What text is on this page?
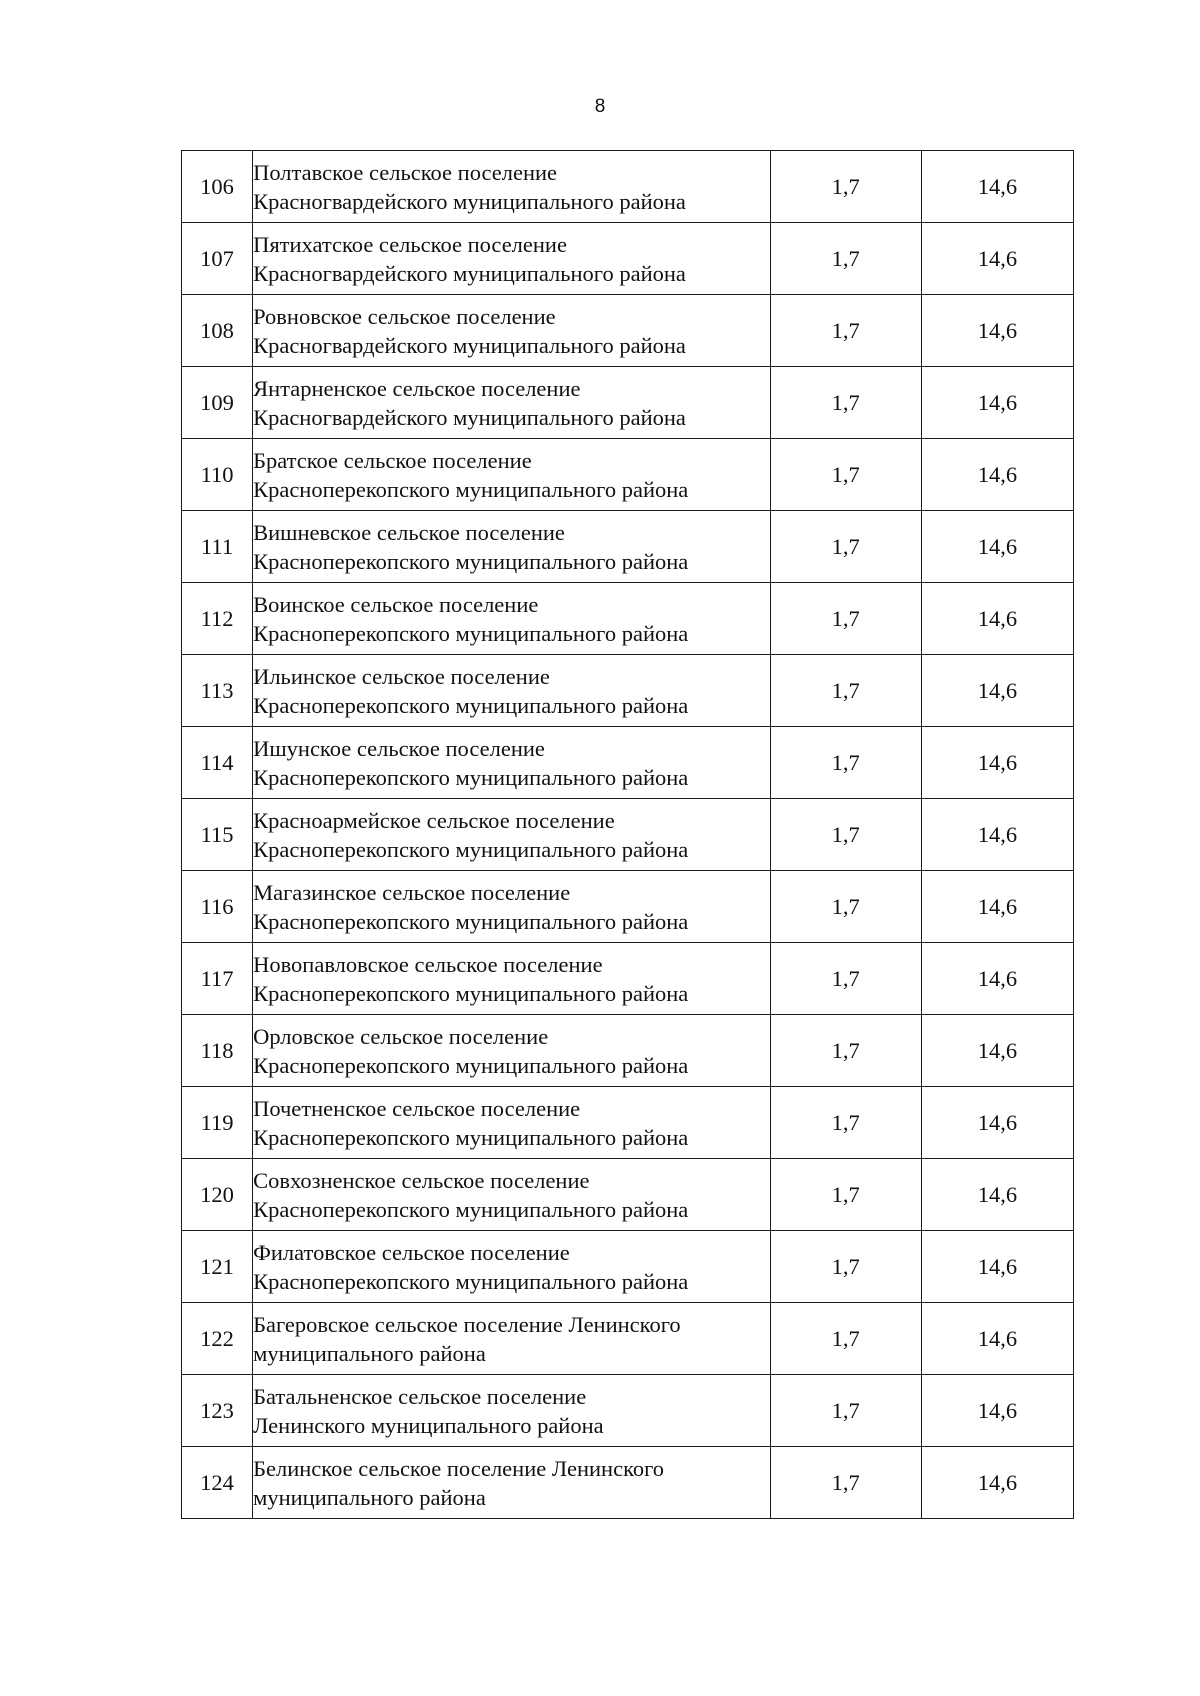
8
106	Полтавское сельское поселение
Красногвардейского муниципального района	1,7	14,6
107	Пятихатское сельское поселение
Красногвардейского муниципального района	1,7	14,6
108	Ровновское сельское поселение
Красногвардейского муниципального района	1,7	14,6
109	Янтарненское сельское поселение
Красногвардейского муниципального района	1,7	14,6
110	Братское сельское поселение
Красноперекопского муниципального района	1,7	14,6
111	Вишневское сельское поселение
Красноперекопского муниципального района	1,7	14,6
112	Воинское сельское поселение
Красноперекопского муниципального района	1,7	14,6
113	Ильинское сельское поселение
Красноперекопского муниципального района	1,7	14,6
114	Ишунское сельское поселение
Красноперекопского муниципального района	1,7	14,6
115	Красноармейское сельское поселение
Красноперекопского муниципального района	1,7	14,6
116	Магазинское сельское поселение
Красноперекопского муниципального района	1,7	14,6
117	Новопавловское сельское поселение
Красноперекопского муниципального района	1,7	14,6
118	Орловское сельское поселение
Красноперекопского муниципального района	1,7	14,6
119	Почетненское сельское поселение
Красноперекопского муниципального района	1,7	14,6
120	Совхозненское сельское поселение
Красноперекопского муниципального района	1,7	14,6
121	Филатовское сельское поселение
Красноперекопского муниципального района	1,7	14,6
122	Багеровское сельское поселение Ленинского
муниципального района	1,7	14,6
123	Батальненское сельское поселение
Ленинского муниципального района	1,7	14,6
124	Белинское сельское поселение Ленинского
муниципального района	1,7	14,6
